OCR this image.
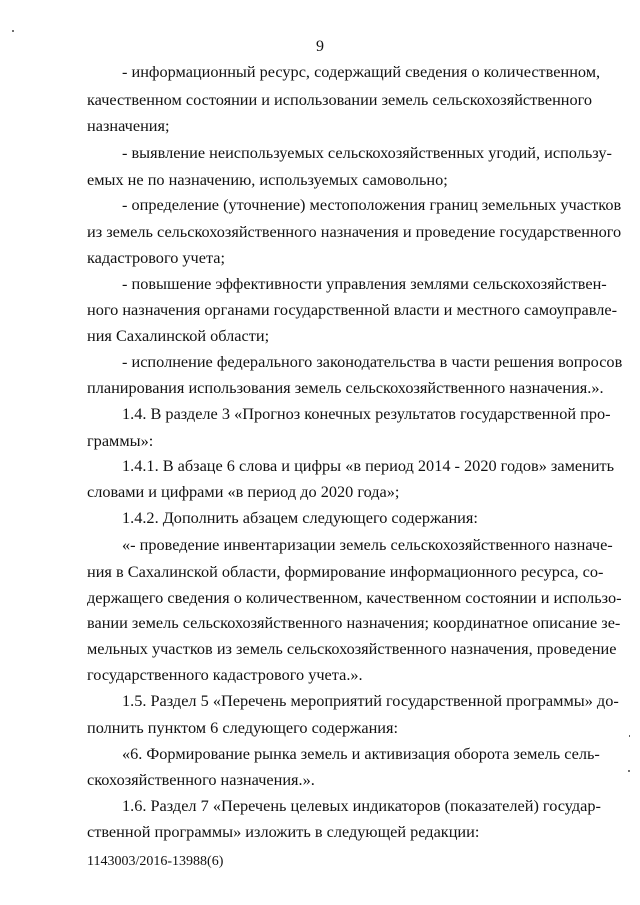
9
- информационный ресурс, содержащий сведения о количественном,
качественном состоянии и использовании земель сельскохозяйственного
назначения;
- выявление неиспользуемых сельскохозяйственных угодий, использу-
емых не по назначению, используемых самовольно;
- определение (уточнение) местоположения границ земельных участков
из земель сельскохозяйственного назначения и проведение государственного
кадастрового учета;
- повышение эффективности управления землями сельскохозяйствен-
ного назначения органами государственной власти и местного самоуправле-
ния Сахалинской области;
- исполнение федерального законодательства в части решения вопросов
планирования использования земель сельскохозяйственного назначения.».
1.4. В разделе 3 «Прогноз конечных результатов государственной про-
граммы»:
1.4.1. В абзаце 6 слова и цифры «в период 2014 - 2020 годов» заменить
словами и цифрами «в период до 2020 года»;
1.4.2. Дополнить абзацем следующего содержания:
«- проведение инвентаризации земель сельскохозяйственного назначе-
ния в Сахалинской области, формирование информационного ресурса, со-
держащего сведения о количественном, качественном состоянии и использо-
вании земель сельскохозяйственного назначения; координатное описание зе-
мельных участков из земель сельскохозяйственного назначения, проведение
государственного кадастрового учета.».
1.5. Раздел 5 «Перечень мероприятий государственной программы» до-
полнить пунктом 6 следующего содержания:
«6. Формирование рынка земель и активизация оборота земель сель-
скохозяйственного назначения.».
1.6. Раздел 7 «Перечень целевых индикаторов (показателей) государ-
ственной программы» изложить в следующей редакции:
1143003/2016-13988(6)
